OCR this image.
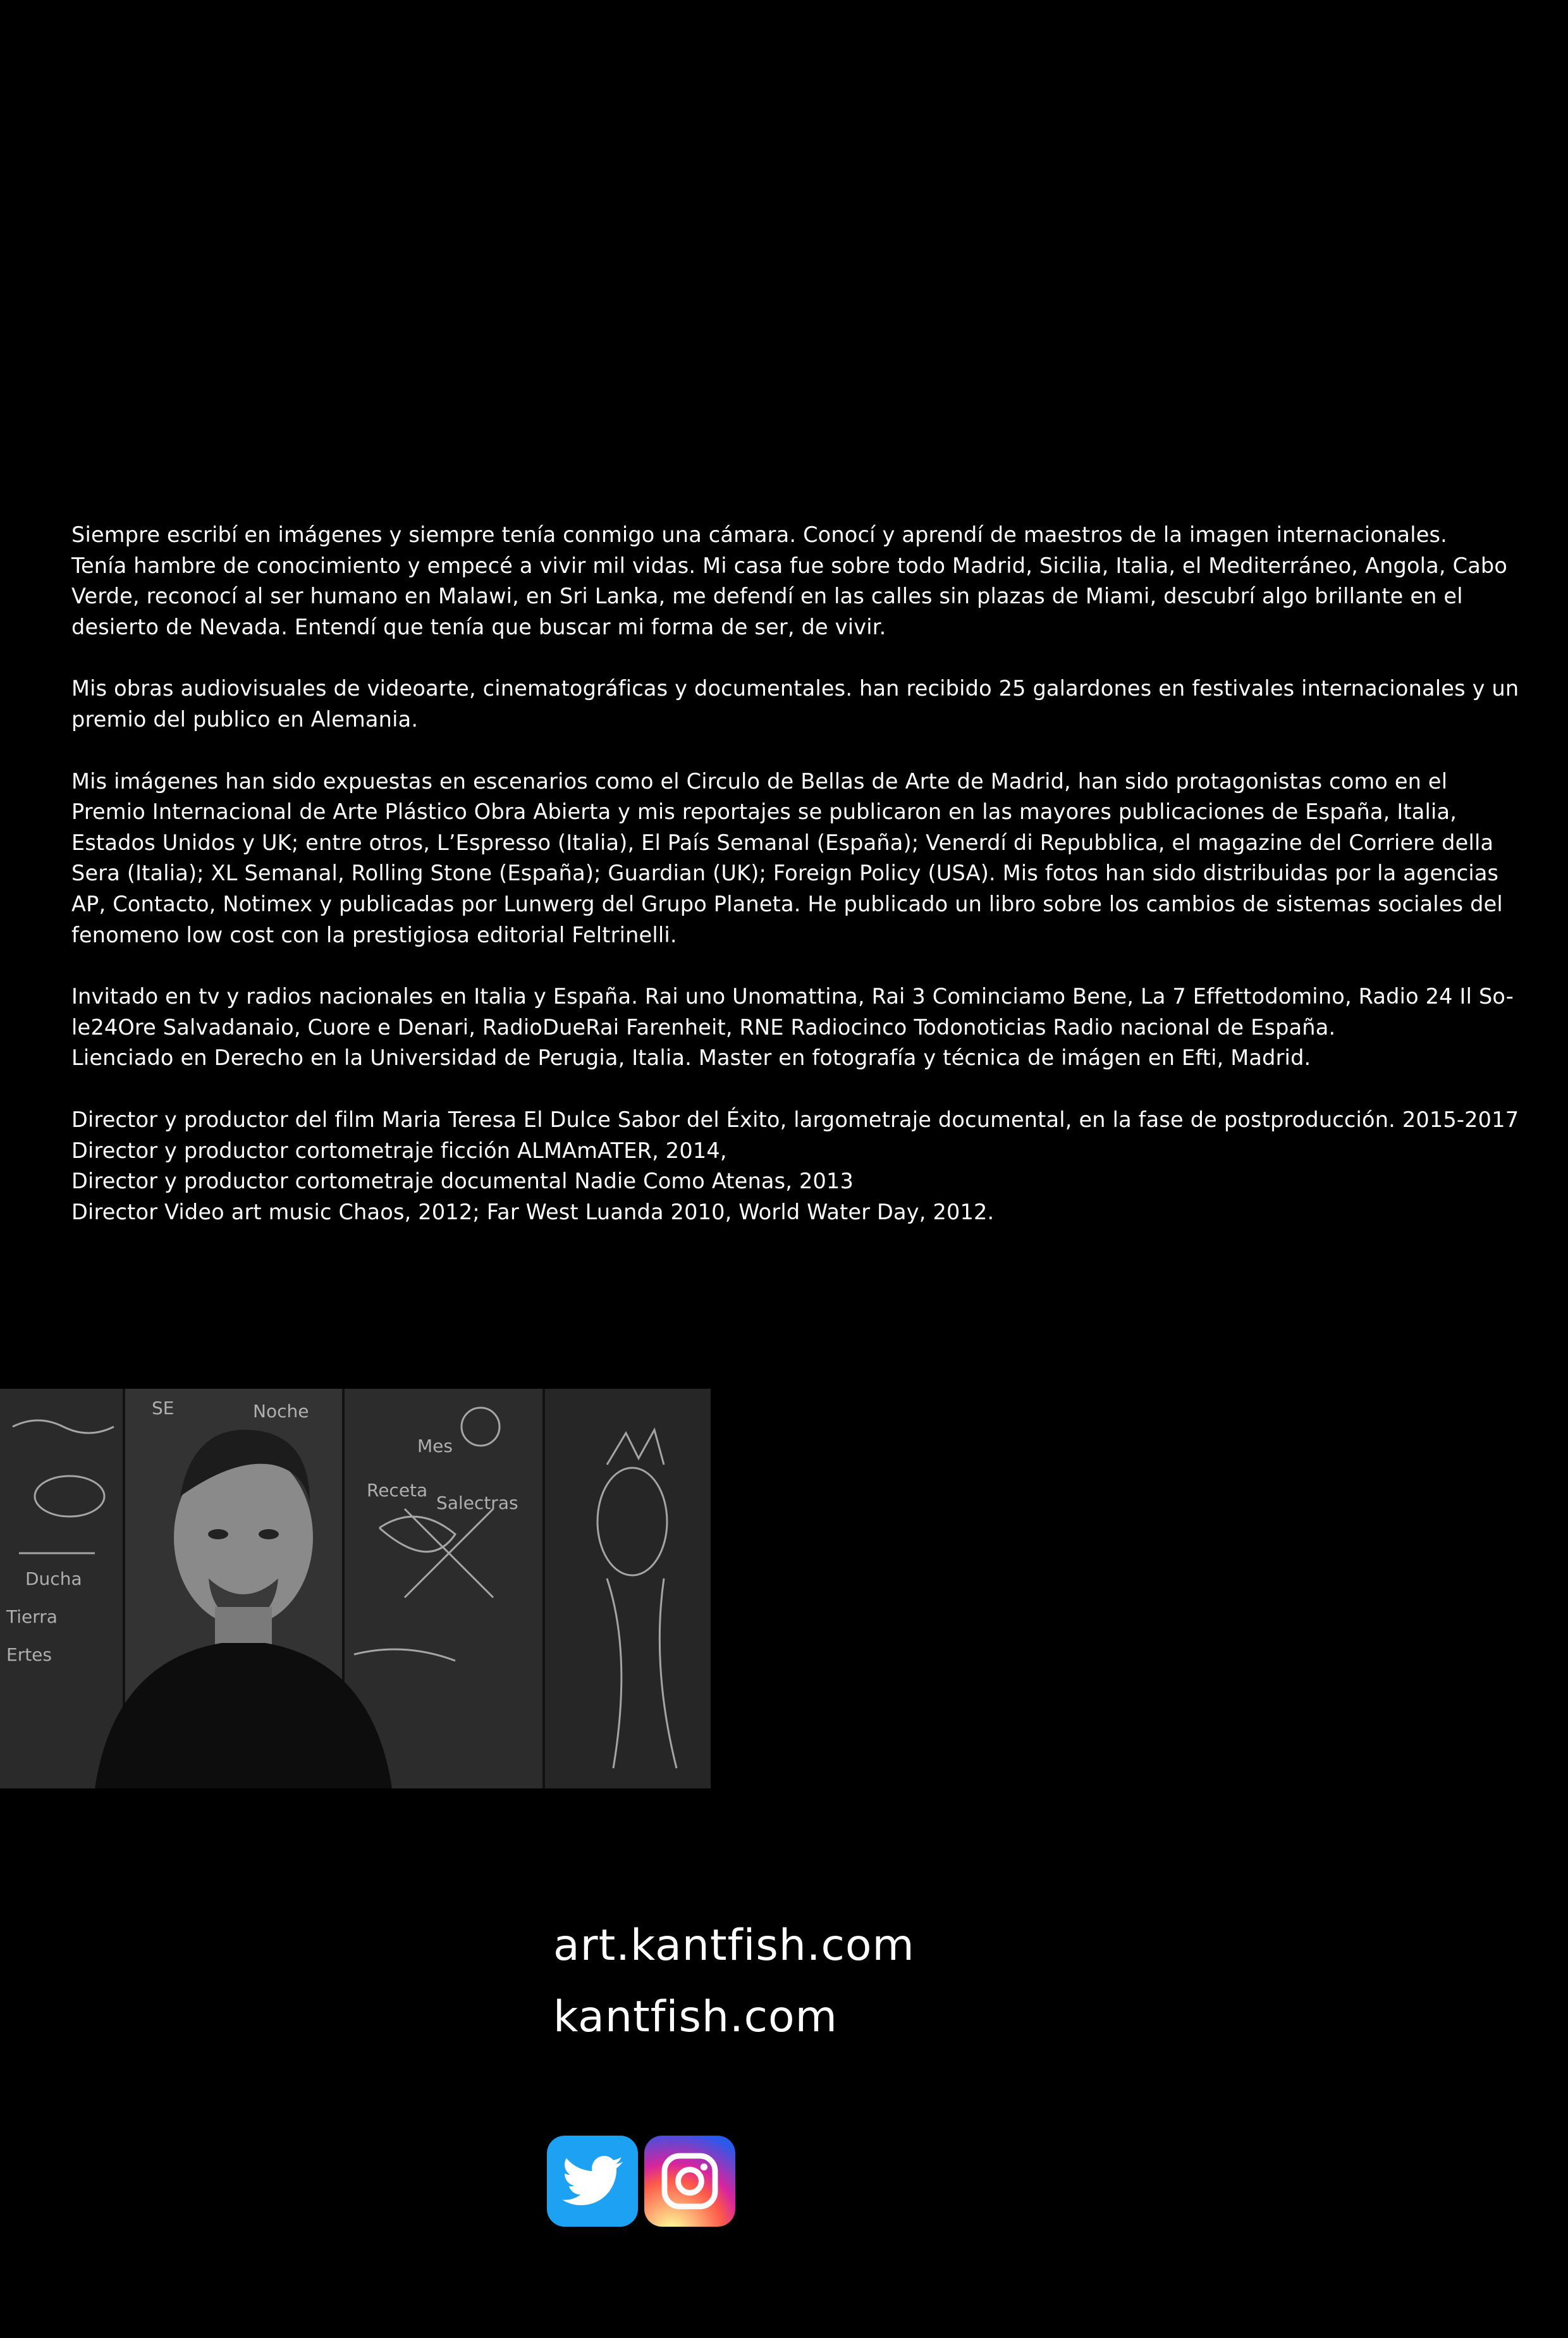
Siempre escribí en imágenes y siempre tenía conmigo una cámara. Conocí y aprendí de maestros de la imagen internacionales.
Tenía hambre de conocimiento y empecé a vivir mil vidas. Mi casa fue sobre todo Madrid, Sicilia, Italia, el Mediterráneo, Angola, Cabo
Verde, reconocí al ser humano en Malawi, en Sri Lanka, me defendí en las calles sin plazas de Miami, descubrí algo brillante en el
desierto de Nevada. Entendí que tenía que buscar mi forma de ser, de vivir.
Mis obras audiovisuales de videoarte, cinematográficas y documentales. han recibido 25 galardones en festivales internacionales y un
premio del publico en Alemania.
Mis imágenes han sido expuestas en escenarios como el Circulo de Bellas de Arte de Madrid, han sido protagonistas como en el
Premio Internacional de Arte Plástico Obra Abierta y mis reportajes se publicaron en las mayores publicaciones de España, Italia,
Estados Unidos y UK; entre otros, L’Espresso (Italia), El País Semanal (España); Venerdí di Repubblica, el magazine del Corriere della
Sera (Italia); XL Semanal, Rolling Stone (España); Guardian (UK); Foreign Policy (USA). Mis fotos han sido distribuidas por la agencias
AP, Contacto, Notimex y publicadas por Lunwerg del Grupo Planeta. He publicado un libro sobre los cambios de sistemas sociales del
fenomeno low cost con la prestigiosa editorial Feltrinelli.
Invitado en tv y radios nacionales en Italia y España. Rai uno Unomattina, Rai 3 Cominciamo Bene, La 7 Effettodomino, Radio 24 Il So-
le24Ore Salvadanaio, Cuore e Denari, RadioDueRai Farenheit, RNE Radiocinco Todonoticias Radio nacional de España.
Lienciado en Derecho en la Universidad de Perugia, Italia. Master en fotografía y técnica de imágen en Efti, Madrid.
Director y productor del film Maria Teresa El Dulce Sabor del Éxito, largometraje documental, en la fase de postproducción. 2015-2017
Director y productor cortometraje ficción ALMAmATER, 2014,
Director y productor cortometraje documental Nadie Como Atenas, 2013
Director Video art music Chaos, 2012; Far West Luanda 2010, World Water Day, 2012.
SE	Noche
Mes
Receta
Salectras
Tierra
Ducha
Ertes
art.kantfish.com
kantfish.com
